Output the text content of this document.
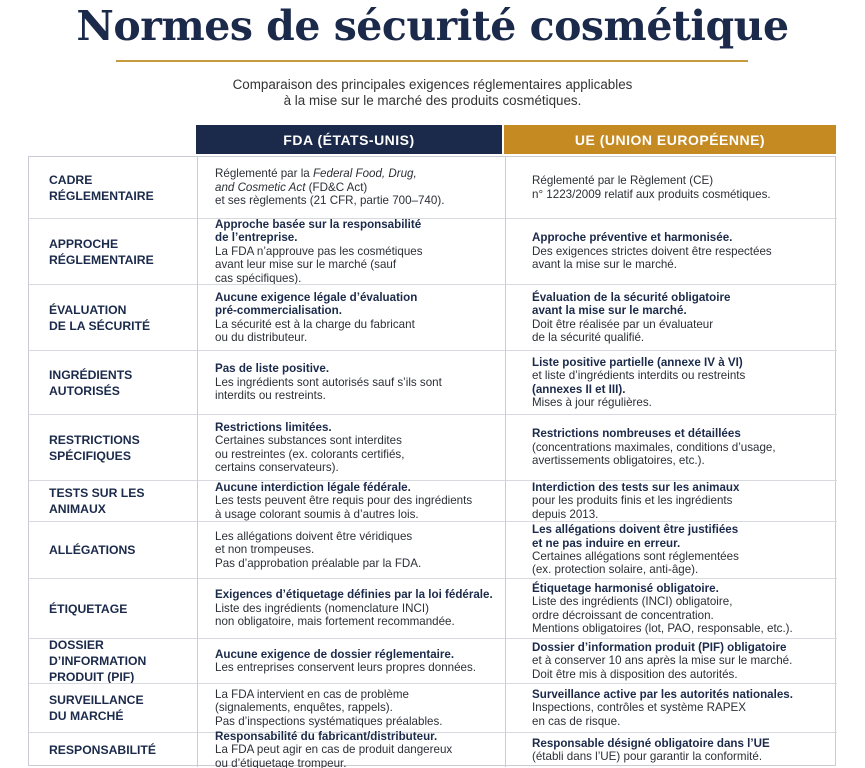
Normes de sécurité cosmétique
Comparaison des principales exigences réglementaires applicables
à la mise sur le marché des produits cosmétiques.
FDA (ÉTATS-UNIS)	UE (UNION EUROPÉENNE)
CADRE
RÉGLEMENTAIRE
Réglementé par la Federal Food, Drug,
and Cosmetic Act (FD&C Act)
et ses règlements (21 CFR, partie 700–740).
Réglementé par le Règlement (CE)
n° 1223/2009 relatif aux produits cosmétiques.
APPROCHE
RÉGLEMENTAIRE
Approche basée sur la responsabilité
de l’entreprise.
La FDA n’approuve pas les cosmétiques
avant leur mise sur le marché (sauf
cas spécifiques).
Approche préventive et harmonisée.
Des exigences strictes doivent être respectées
avant la mise sur le marché.
ÉVALUATION
DE LA SÉCURITÉ
Aucune exigence légale d’évaluation
pré-commercialisation.
La sécurité est à la charge du fabricant
ou du distributeur.
Évaluation de la sécurité obligatoire
avant la mise sur le marché.
Doit être réalisée par un évaluateur
de la sécurité qualifié.
INGRÉDIENTS
AUTORISÉS
Pas de liste positive.
Les ingrédients sont autorisés sauf s’ils sont
interdits ou restreints.
Liste positive partielle (annexe IV à VI)
et liste d’ingrédients interdits ou restreints
(annexes II et III).
Mises à jour régulières.
RESTRICTIONS
SPÉCIFIQUES
Restrictions limitées.
Certaines substances sont interdites
ou restreintes (ex. colorants certifiés,
certains conservateurs).
Restrictions nombreuses et détaillées
(concentrations maximales, conditions d’usage,
avertissements obligatoires, etc.).
TESTS SUR LES ANIMAUX
Aucune interdiction légale fédérale.
Les tests peuvent être requis pour des ingrédients
à usage colorant soumis à d’autres lois.
Interdiction des tests sur les animaux
pour les produits finis et les ingrédients
depuis 2013.
ALLÉGATIONS
Les allégations doivent être véridiques
et non trompeuses.
Pas d’approbation préalable par la FDA.
Les allégations doivent être justifiées
et ne pas induire en erreur.
Certaines allégations sont réglementées
(ex. protection solaire, anti-âge).
ÉTIQUETAGE
Exigences d’étiquetage définies par la loi fédérale.
Liste des ingrédients (nomenclature INCI)
non obligatoire, mais fortement recommandée.
Étiquetage harmonisé obligatoire.
Liste des ingrédients (INCI) obligatoire,
ordre décroissant de concentration.
Mentions obligatoires (lot, PAO, responsable, etc.).
DOSSIER D’INFORMATION
PRODUIT (PIF)
Aucune exigence de dossier réglementaire.
Les entreprises conservent leurs propres données.
Dossier d’information produit (PIF) obligatoire
et à conserver 10 ans après la mise sur le marché.
Doit être mis à disposition des autorités.
SURVEILLANCE
DU MARCHÉ
La FDA intervient en cas de problème
(signalements, enquêtes, rappels).
Pas d’inspections systématiques préalables.
Surveillance active par les autorités nationales.
Inspections, contrôles et système RAPEX
en cas de risque.
RESPONSABILITÉ
Responsabilité du fabricant/distributeur.
La FDA peut agir en cas de produit dangereux
ou d’étiquetage trompeur.
Responsable désigné obligatoire dans l’UE
(établi dans l’UE) pour garantir la conformité.
